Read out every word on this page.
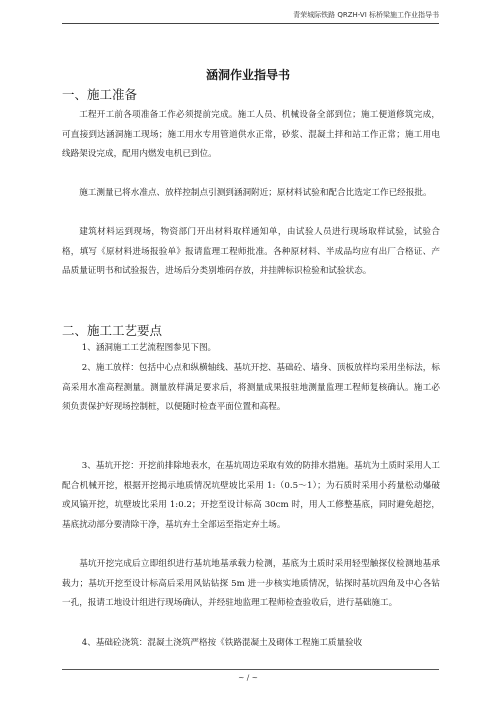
青荣城际铁路 QRZH-VI 标桥梁施工作业指导书
涵洞作业指导书
一、施工准备

工程开工前各项准备工作必须提前完成。施工人员、机械设备全部到位；施工便道修筑完成，可直接到达涵洞施工现场；施工用水专用管道供水正常，砂浆、混凝土拌和站工作正常；施工用电线路架设完成，配用内燃发电机已到位。

施工测量已将水准点、放样控制点引测到涵洞附近；原材料试验和配合比选定工作已经报批。

建筑材料运到现场，物资部门开出材料取样通知单，由试验人员进行现场取样试验，试验合格，填写《原材料进场报验单》报请监理工程师批准。各种原材料、半成品均应有出厂合格证、产品质量证明书和试验报告，进场后分类别堆码存放，并挂牌标识检验和试验状态。

二、施工工艺要点

1、涵洞施工工艺流程图参见下图。

2、施工放样：包括中心点和纵横轴线、基坑开挖、基础砼、墙身、顶板放样均采用坐标法，标高采用水准高程测量。测量放样满足要求后，将测量成果报驻地测量监理工程师复核确认。施工必须负责保护好现场控制桩，以便随时检查平面位置和高程。

3、基坑开挖：开挖前排除地表水，在基坑周边采取有效的防排水措施。基坑为土质时采用人工配合机械开挖，根据开挖揭示地质情况坑壁坡比采用 1:（0.5～1）；为石质时采用小药量松动爆破或风镐开挖，坑壁坡比采用 1:0.2；开挖至设计标高 30cm 时，用人工修整基底，同时避免超挖，基底扰动部分要清除干净，基坑弃土全部运至指定弃土场。

基坑开挖完成后立即组织进行基坑地基承载力检测，基底为土质时采用轻型触探仪检测地基承载力；基坑开挖至设计标高后采用风钻钻探 5m 进一步核实地质情况，钻探时基坑四角及中心各钻一孔，报请工地设计组进行现场确认，并经驻地监理工程师检查验收后，进行基础施工。

4、基础砼浇筑：混凝土浇筑严格按《铁路混凝土及砌体工程施工质量验收

~ / ~
